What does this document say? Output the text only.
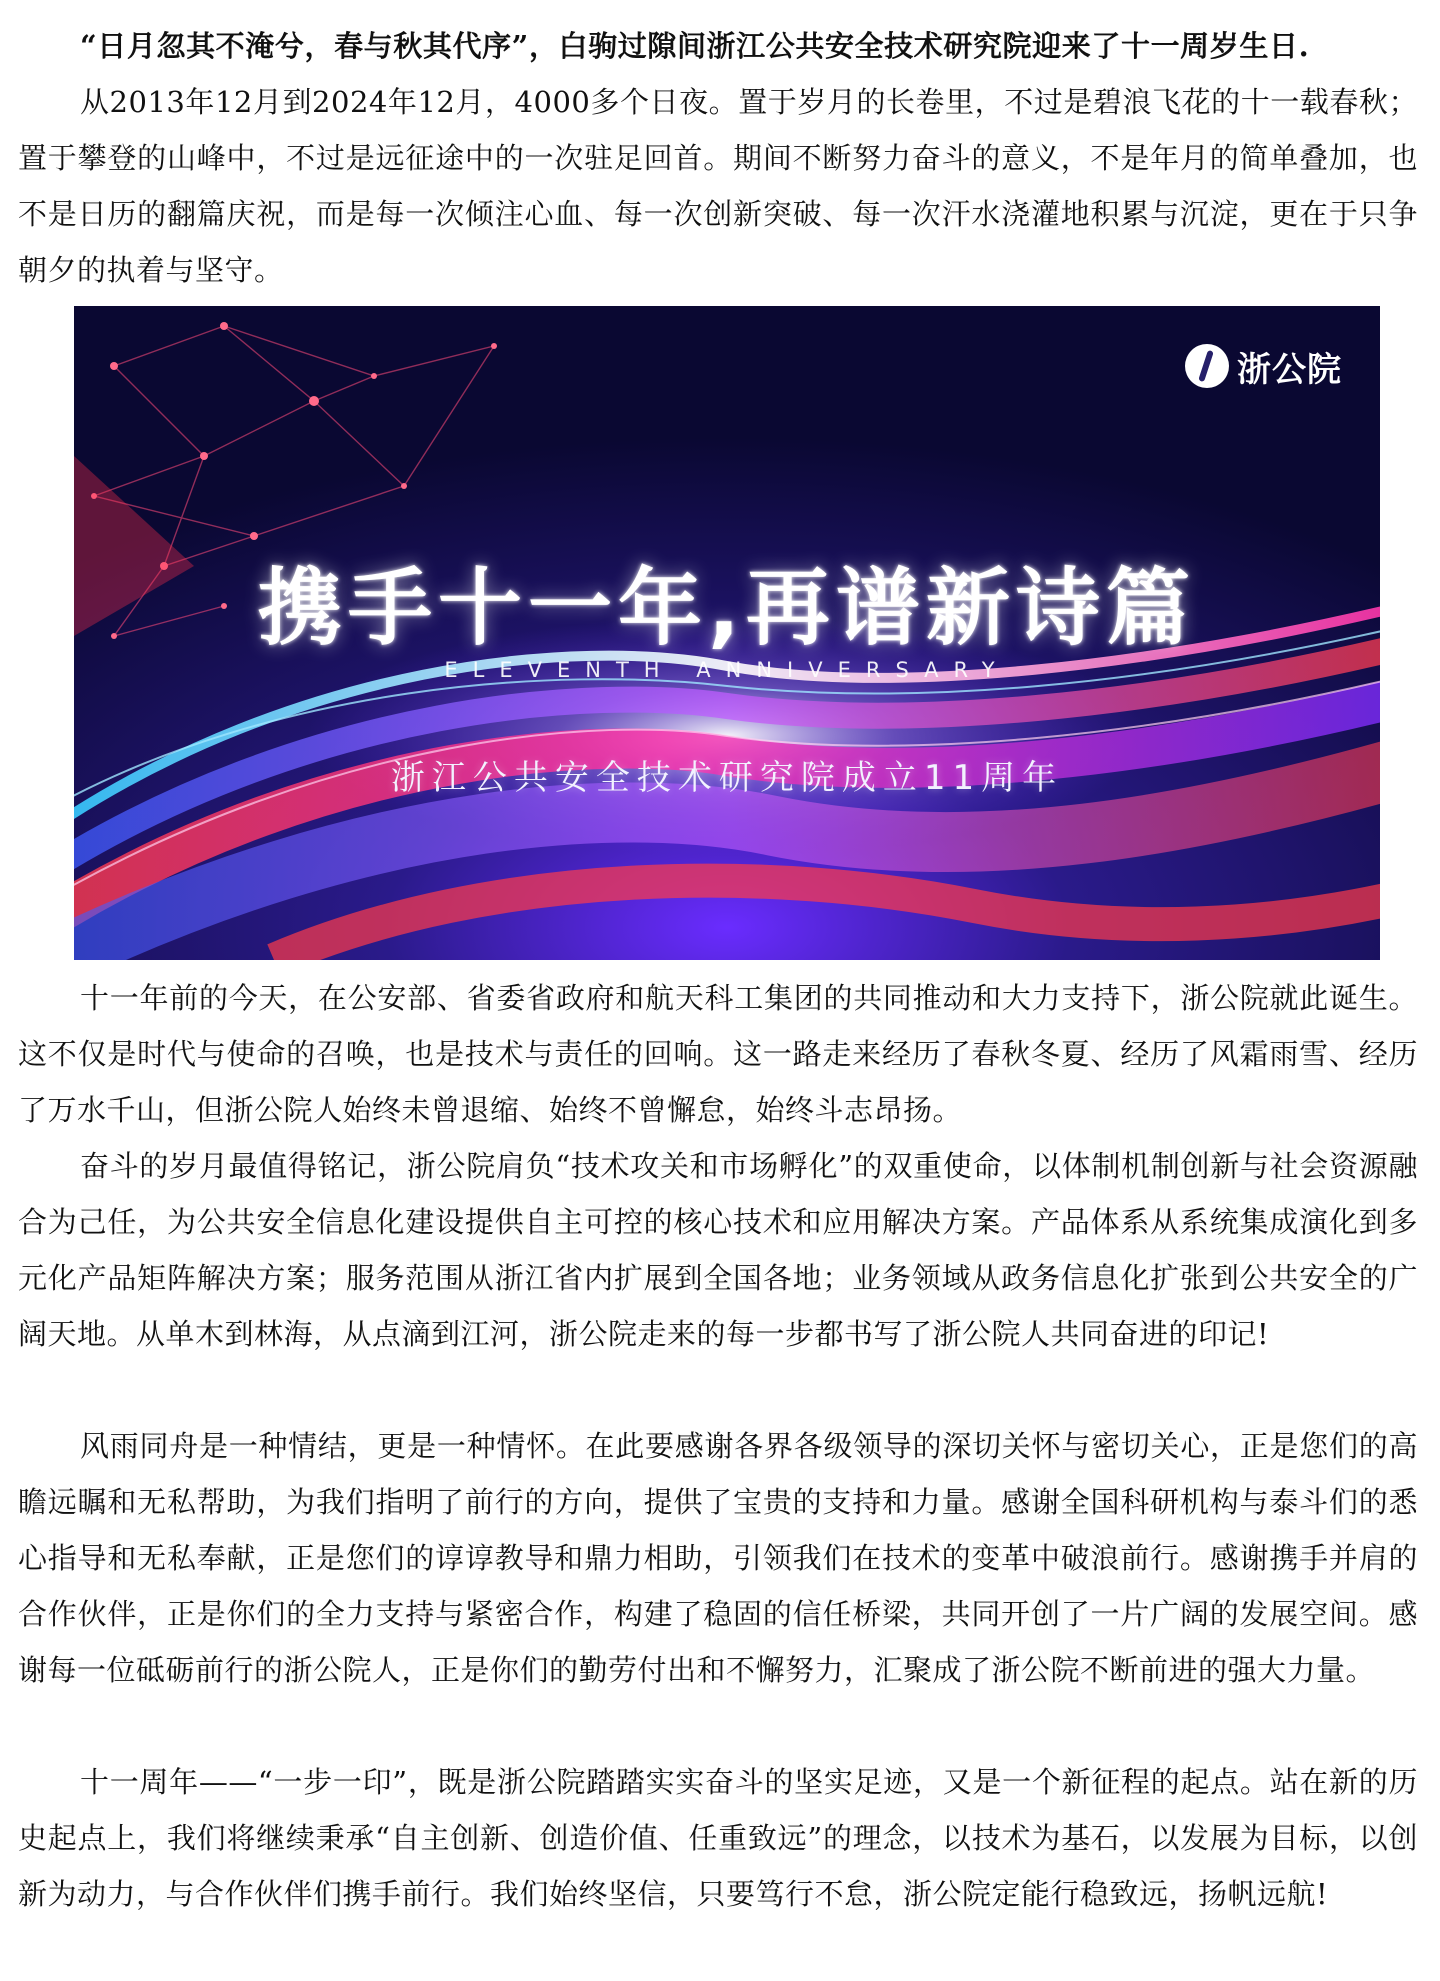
“日月忽其不淹兮，春与秋其代序”，白驹过隙间浙江公共安全技术研究院迎来了十一周岁生日.

从2013年12月到2024年12月，4000多个日夜。置于岁月的长卷里，不过是碧浪飞花的十一载春秋；置于攀登的山峰中，不过是远征途中的一次驻足回首。期间不断努力奋斗的意义，不是年月的简单叠加，也不是日历的翻篇庆祝，而是每一次倾注心血、每一次创新突破、每一次汗水浇灌地积累与沉淀，更在于只争朝夕的执着与坚守。

浙公院
携手十一年,再谱新诗篇
ELEVENTH ANNIVERSARY
浙江公共安全技术研究院成立11周年

十一年前的今天，在公安部、省委省政府和航天科工集团的共同推动和大力支持下，浙公院就此诞生。这不仅是时代与使命的召唤，也是技术与责任的回响。这一路走来经历了春秋冬夏、经历了风霜雨雪、经历了万水千山，但浙公院人始终未曾退缩、始终不曾懈怠，始终斗志昂扬。

奋斗的岁月最值得铭记，浙公院肩负“技术攻关和市场孵化”的双重使命，以体制机制创新与社会资源融合为己任，为公共安全信息化建设提供自主可控的核心技术和应用解决方案。产品体系从系统集成演化到多元化产品矩阵解决方案；服务范围从浙江省内扩展到全国各地；业务领域从政务信息化扩张到公共安全的广阔天地。从单木到林海，从点滴到江河，浙公院走来的每一步都书写了浙公院人共同奋进的印记!

风雨同舟是一种情结，更是一种情怀。在此要感谢各界各级领导的深切关怀与密切关心，正是您们的高瞻远瞩和无私帮助，为我们指明了前行的方向，提供了宝贵的支持和力量。感谢全国科研机构与泰斗们的悉心指导和无私奉献，正是您们的谆谆教导和鼎力相助，引领我们在技术的变革中破浪前行。感谢携手并肩的合作伙伴，正是你们的全力支持与紧密合作，构建了稳固的信任桥梁，共同开创了一片广阔的发展空间。感谢每一位砥砺前行的浙公院人，正是你们的勤劳付出和不懈努力，汇聚成了浙公院不断前进的强大力量。

十一周年——“一步一印”，既是浙公院踏踏实实奋斗的坚实足迹，又是一个新征程的起点。站在新的历史起点上，我们将继续秉承“自主创新、创造价值、任重致远”的理念，以技术为基石，以发展为目标，以创新为动力，与合作伙伴们携手前行。我们始终坚信，只要笃行不怠，浙公院定能行稳致远，扬帆远航!
